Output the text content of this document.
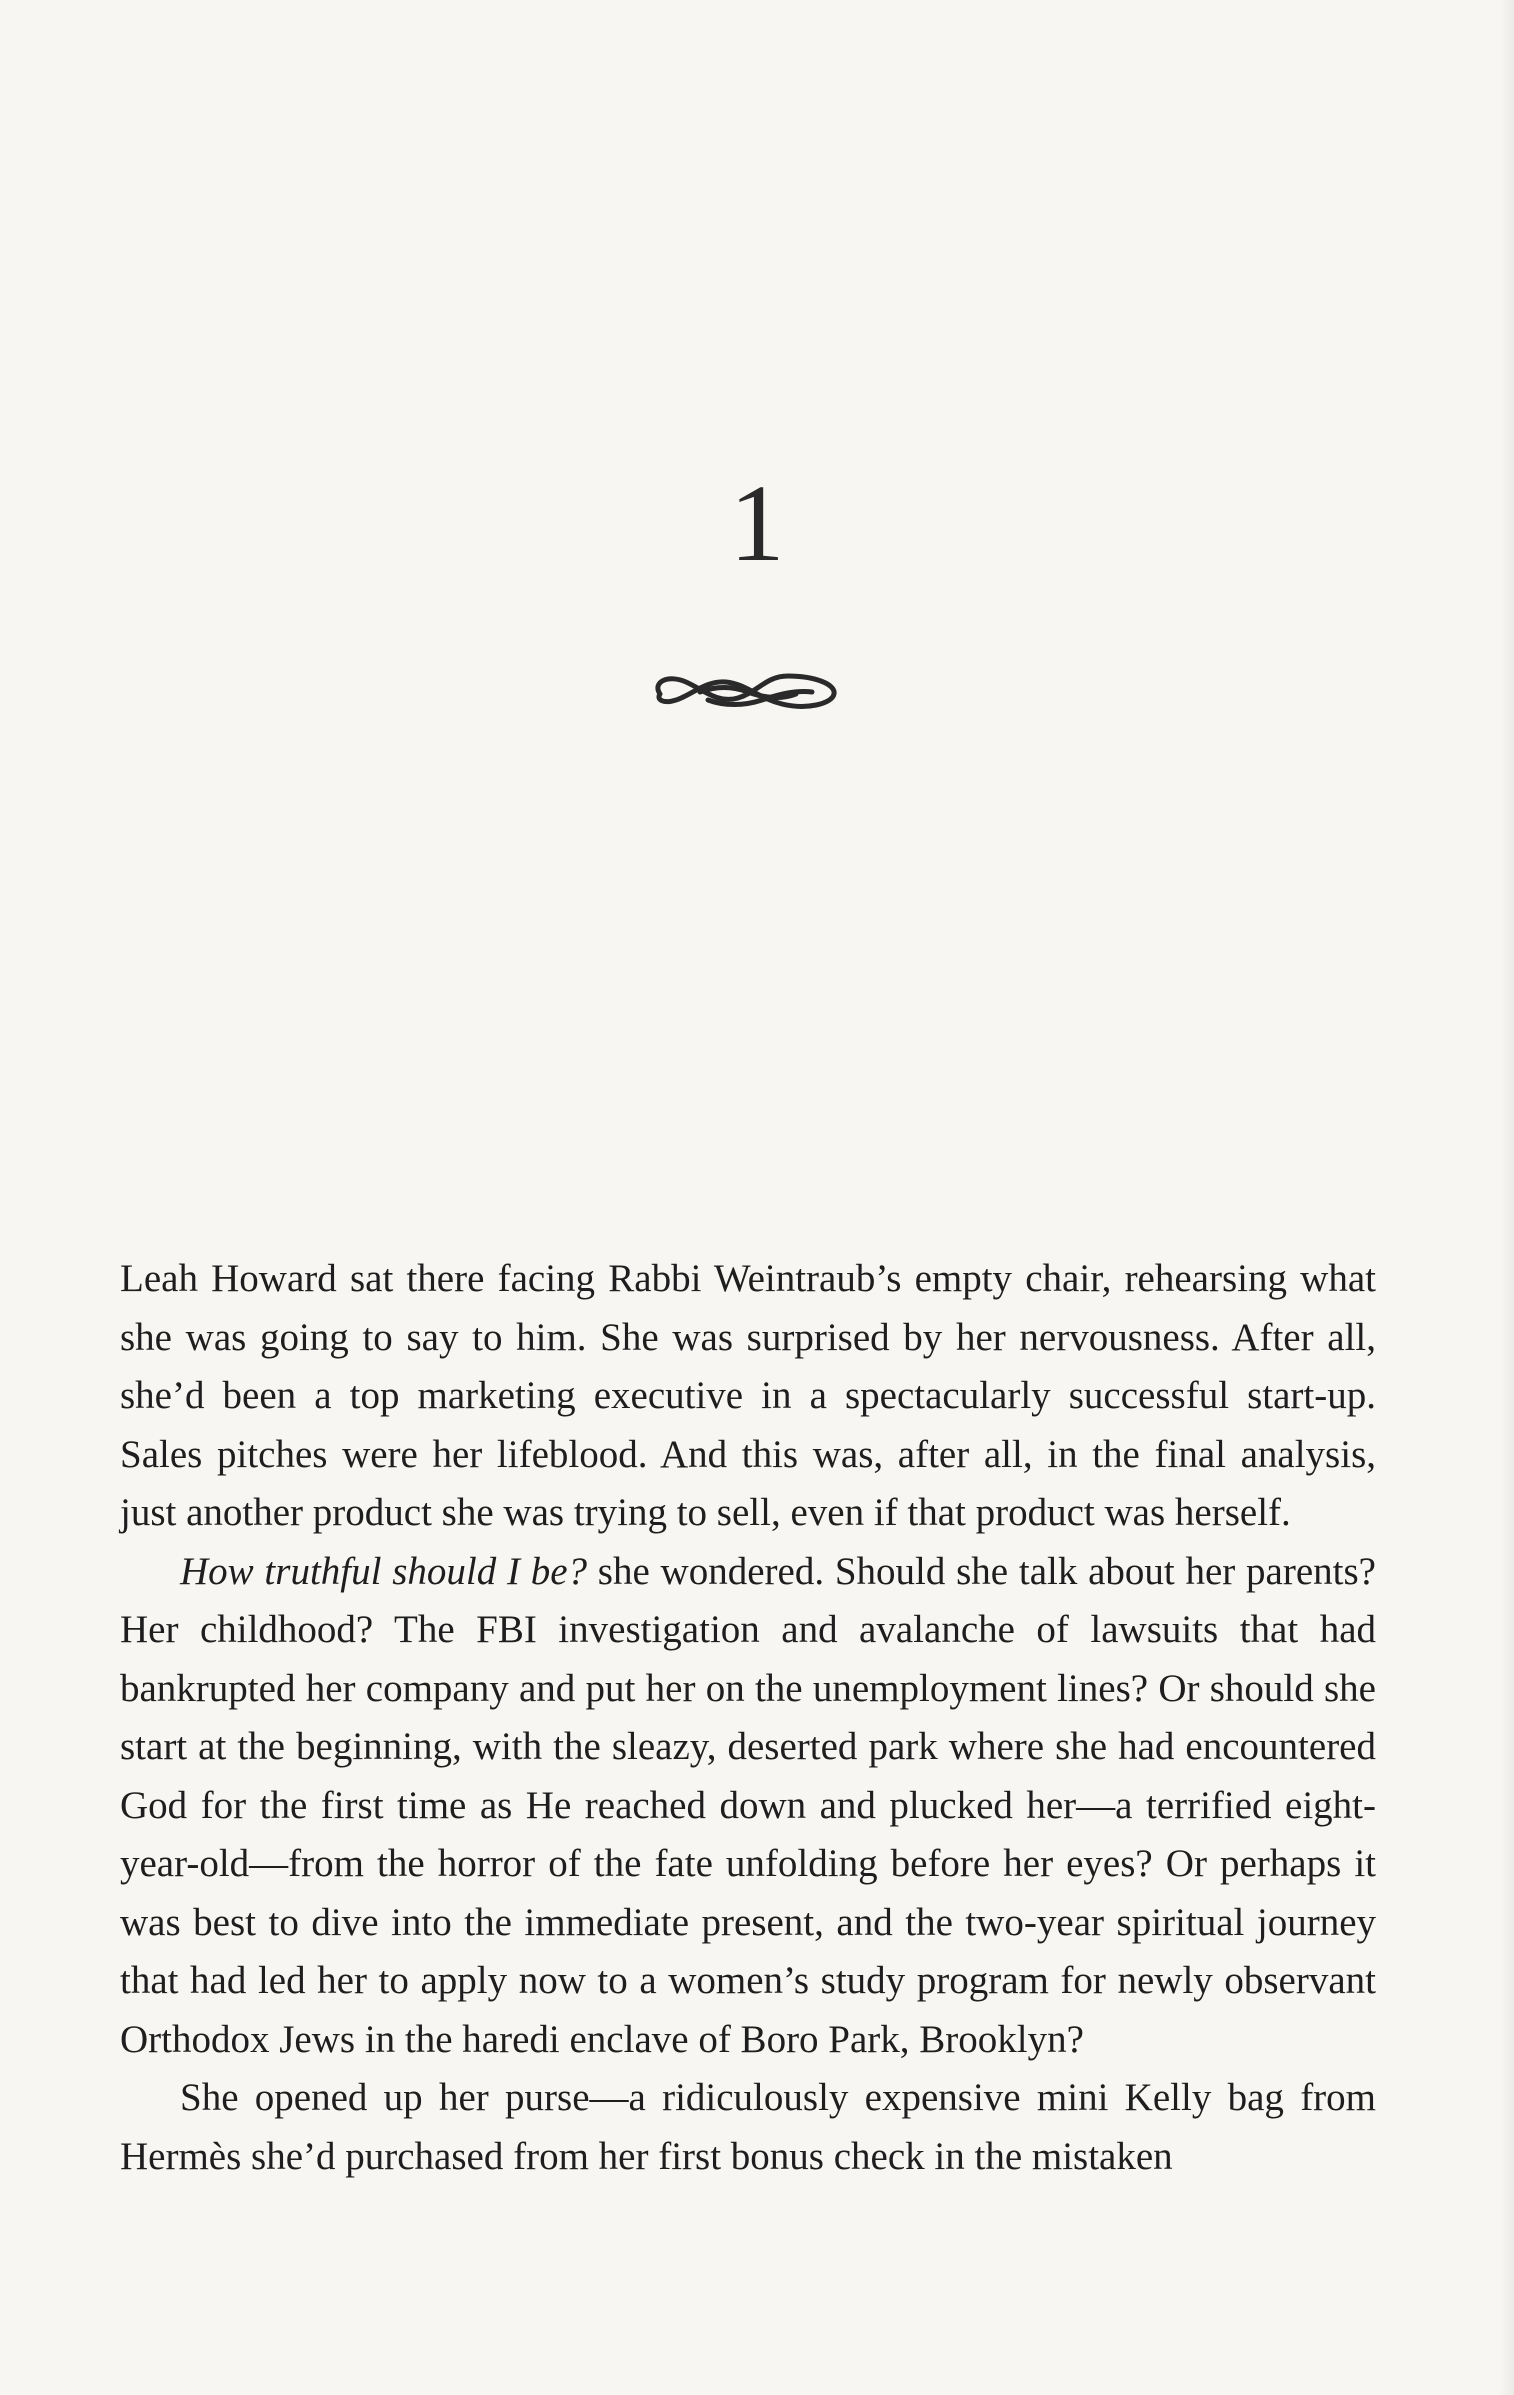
1

Leah Howard sat there facing Rabbi Weintraub’s empty chair, rehearsing what she was going to say to him. She was surprised by her nervousness. After all, she’d been a top marketing executive in a spectacularly successful start-up. Sales pitches were her lifeblood. And this was, after all, in the final analysis, just another product she was trying to sell, even if that product was herself.

How truthful should I be? she wondered. Should she talk about her parents? Her childhood? The FBI investigation and avalanche of lawsuits that had bankrupted her company and put her on the unemployment lines? Or should she start at the beginning, with the sleazy, deserted park where she had encountered God for the first time as He reached down and plucked her—a terrified eight-year-old—from the horror of the fate unfolding before her eyes? Or perhaps it was best to dive into the immediate present, and the two-year spiritual journey that had led her to apply now to a women’s study program for newly observant Orthodox Jews in the haredi enclave of Boro Park, Brooklyn?

She opened up her purse—a ridiculously expensive mini Kelly bag from Hermès she’d purchased from her first bonus check in the mistaken
